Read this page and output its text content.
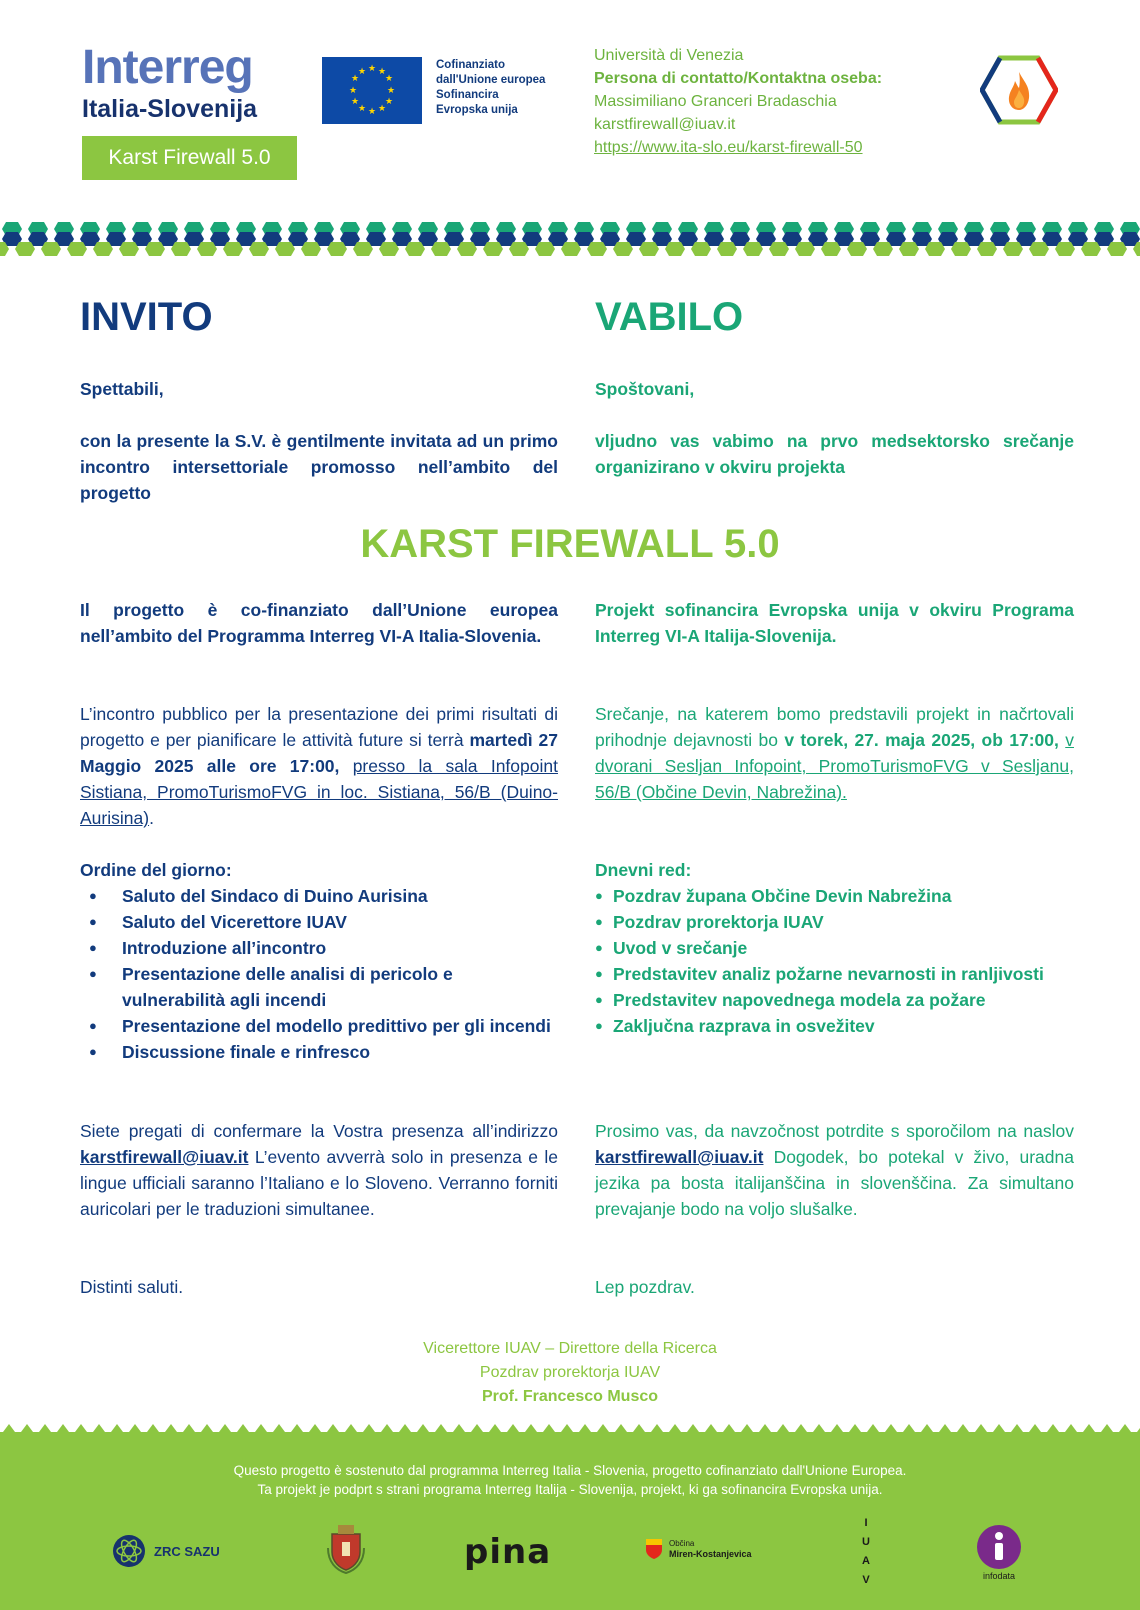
Interreg
Italia-Slovenija
Karst Firewall 5.0
★ ★
★
★
★
★
★
★
★
★
★
★	Cofinanziato
dall'Unione europea
Sofinancira
Evropska unija
Università di Venezia
Persona di contatto/Kontaktna oseba:
Massimiliano Granceri Bradaschia
karstfirewall@iuav.it
https://www.ita-slo.eu/karst-firewall-50
INVITO	VABILO
Spettabili,
con la presente la S.V. è gentilmente invitata ad un primo incontro intersettoriale promosso nell’ambito del progetto
Spoštovani,
vljudno vas vabimo na prvo medsektorsko srečanje organizirano v okviru projekta
KARST FIREWALL 5.0
Il progetto è co-finanziato dall’Unione europea nell’ambito del Programma Interreg VI-A Italia-Slovenia.
Projekt sofinancira Evropska unija v okviru Programa Interreg VI-A Italija-Slovenija.
L’incontro pubblico per la presentazione dei primi risultati di progetto e per pianificare le attività future si terrà martedì 27 Maggio 2025 alle ore 17:00, presso la sala Infopoint Sistiana, PromoTurismoFVG in loc. Sistiana, 56/B (Duino-Aurisina).
Srečanje, na katerem bomo predstavili projekt in načrtovali prihodnje dejavnosti bo v torek, 27. maja 2025, ob 17:00, v dvorani Sesljan Infopoint, PromoTurismoFVG v Sesljanu, 56/B (Občine Devin, Nabrežina).
Ordine del giorno:
● Saluto del Sindaco di Duino Aurisina
● Saluto del Vicerettore IUAV
● Introduzione all’incontro
● Presentazione delle analisi di pericolo e vulnerabilità agli incendi
● Presentazione del modello predittivo per gli incendi
● Discussione finale e rinfresco
Dnevni red:
● Pozdrav župana Občine Devin Nabrežina
● Pozdrav prorektorja IUAV
● Uvod v srečanje
● Predstavitev analiz požarne nevarnosti in ranljivosti
● Predstavitev napovednega modela za požare
● Zaključna razprava in osvežitev
Siete pregati di confermare la Vostra presenza all’indirizzo karstfirewall@iuav.it L’evento avverrà solo in presenza e le lingue ufficiali saranno l’Italiano e lo Sloveno. Verranno forniti auricolari per le traduzioni simultanee.
Prosimo vas, da navzočnost potrdite s sporočilom na naslov karstfirewall@iuav.it Dogodek, bo potekal v živo, uradna jezika pa bosta italijanščina in slovenščina. Za simultano prevajanje bodo na voljo slušalke.
Distinti saluti.	Lep pozdrav.
Vicerettore IUAV – Direttore della Ricerca
Pozdrav prorektorja IUAV
Prof. Francesco Musco
Questo progetto è sostenuto dal programma Interreg Italia - Slovenia, progetto cofinanziato dall'Unione Europea.
Ta projekt je podprt s strani programa Interreg Italija - Slovenija, projekt, ki ga sofinancira Evropska unija.
ZRC SAZU	pina	Občina
Miren-Kostanjevica
I
U
A
V	infodata
